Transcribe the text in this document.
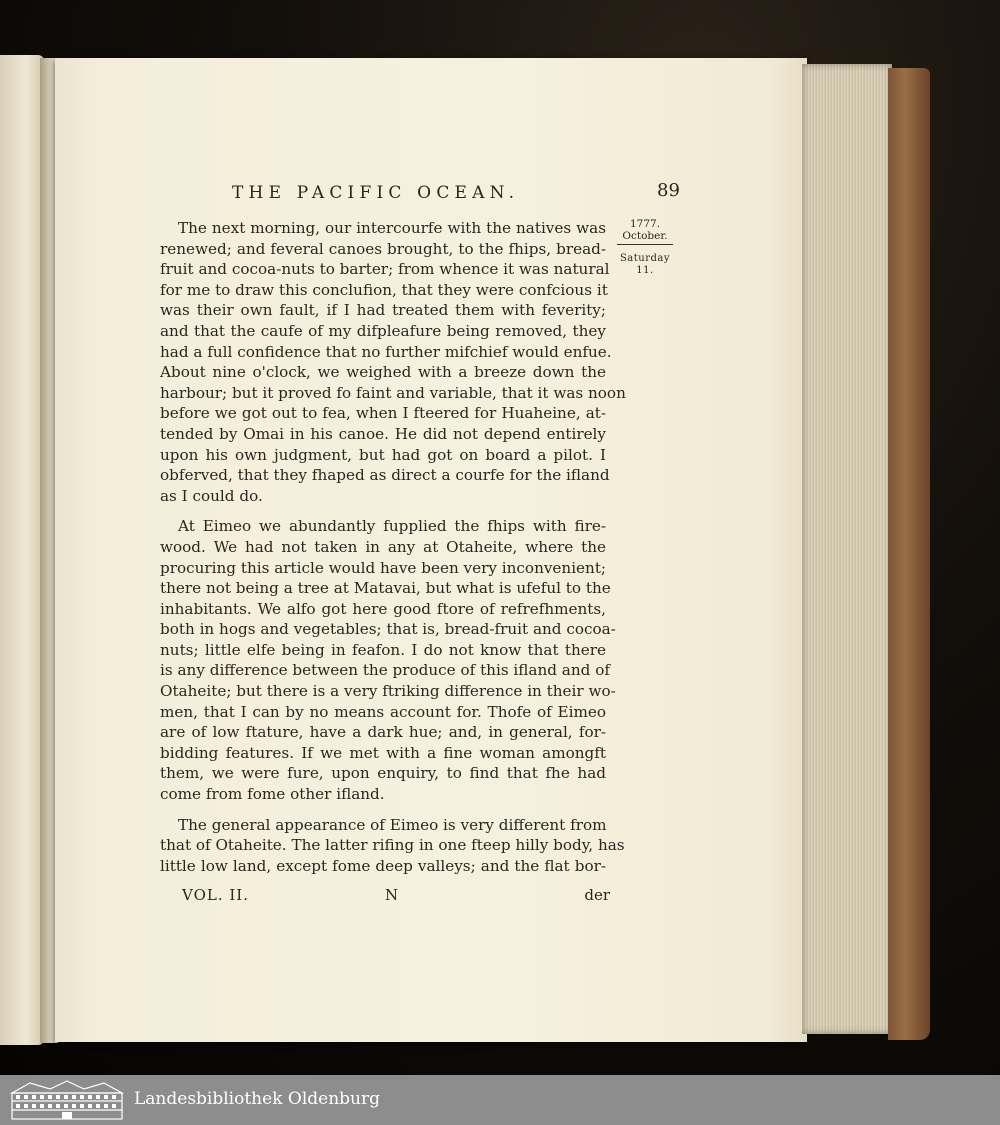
THE PACIFIC OCEAN.	89
1777.
October.
Saturday 11.
The next morning, our intercourfe with the natives was
renewed; and feveral canoes brought, to the fhips, bread-
fruit and cocoa-nuts to barter; from whence it was natural
for me to draw this conclufion, that they were confcious it
was their own fault, if I had treated them with feverity;
and that the caufe of my difpleafure being removed, they
had a full confidence that no further mifchief would enfue.
About nine o'clock, we weighed with a breeze down the
harbour; but it proved fo faint and variable, that it was noon
before we got out to fea, when I fteered for Huaheine, at-
tended by Omai in his canoe. He did not depend entirely
upon his own judgment, but had got on board a pilot. I
obferved, that they fhaped as direct a courfe for the ifland
as I could do.
At Eimeo we abundantly fupplied the fhips with fire-
wood. We had not taken in any at Otaheite, where the
procuring this article would have been very inconvenient;
there not being a tree at Matavai, but what is ufeful to the
inhabitants. We alfo got here good ftore of refrefhments,
both in hogs and vegetables; that is, bread-fruit and cocoa-
nuts; little elfe being in feafon. I do not know that there
is any difference between the produce of this ifland and of
Otaheite; but there is a very ftriking difference in their wo-
men, that I can by no means account for. Thofe of Eimeo
are of low ftature, have a dark hue; and, in general, for-
bidding features. If we met with a fine woman amongft
them, we were fure, upon enquiry, to find that fhe had
come from fome other ifland.
The general appearance of Eimeo is very different from
that of Otaheite. The latter rifing in one fteep hilly body, has
little low land, except fome deep valleys; and the flat bor-
VOL. II.	N	der
Landesbibliothek Oldenburg
